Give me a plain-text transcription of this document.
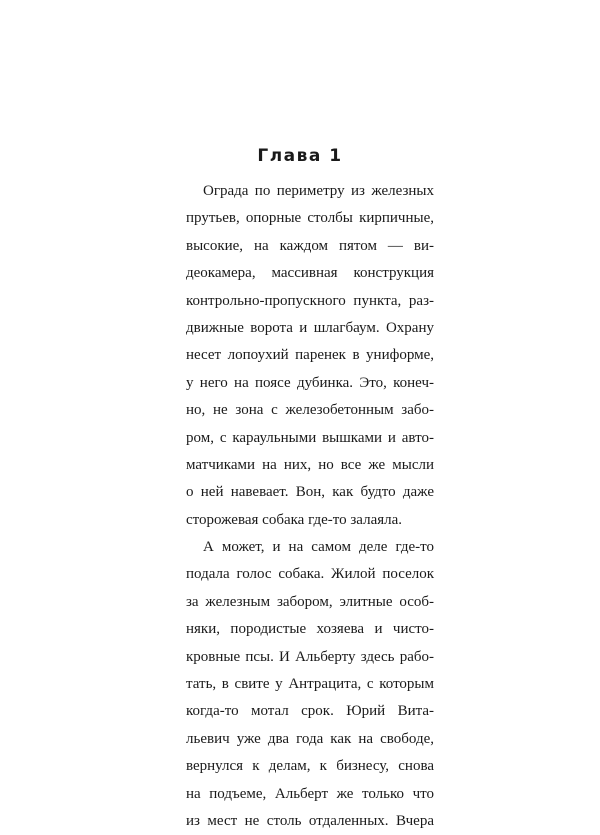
Глава 1
Ограда по периметру из железных
прутьев, опорные столбы кирпичные,
высокие, на каждом пятом — ви-
деокамера, массивная конструкция
контрольно-пропускного пункта, раз-
движные ворота и шлагбаум. Охрану
несет лопоухий паренек в униформе,
у него на поясе дубинка. Это, конеч-
но, не зона с железобетонным забо-
ром, с караульными вышками и авто-
матчиками на них, но все же мысли
о ней навевает. Вон, как будто даже
сторожевая собака где-то залаяла.
А может, и на самом деле где-то
подала голос собака. Жилой поселок
за железным забором, элитные особ-
няки, породистые хозяева и чисто-
кровные псы. И Альберту здесь рабо-
тать, в свите у Антрацита, с которым
когда-то мотал срок. Юрий Вита-
льевич уже два года как на свободе,
вернулся к делам, к бизнесу, снова
на подъеме, Альберт же только что
из мест не столь отдаленных. Вчера
